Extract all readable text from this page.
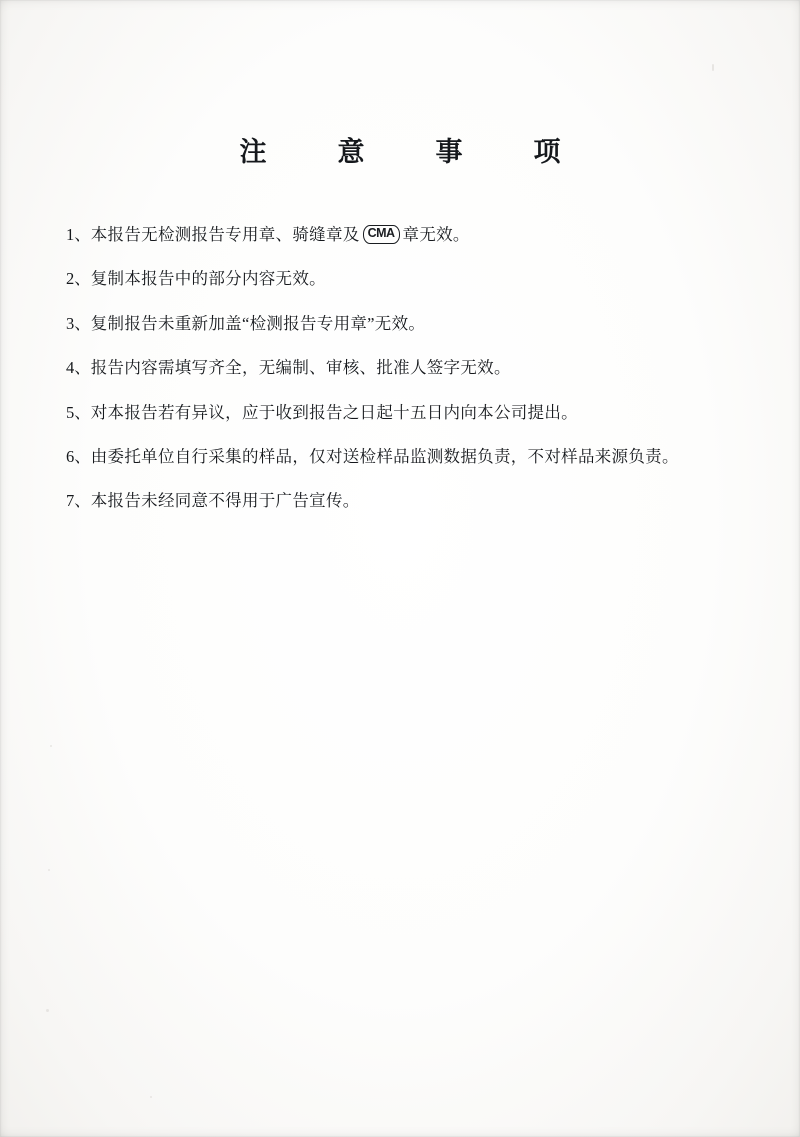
注　意　事　项
1、本报告无检测报告专用章、骑缝章及 CMA 章无效。
2、复制本报告中的部分内容无效。
3、复制报告未重新加盖“检测报告专用章”无效。
4、报告内容需填写齐全，无编制、审核、批准人签字无效。
5、对本报告若有异议，应于收到报告之日起十五日内向本公司提出。
6、由委托单位自行采集的样品，仅对送检样品监测数据负责，不对样品来源负责。
7、本报告未经同意不得用于广告宣传。
